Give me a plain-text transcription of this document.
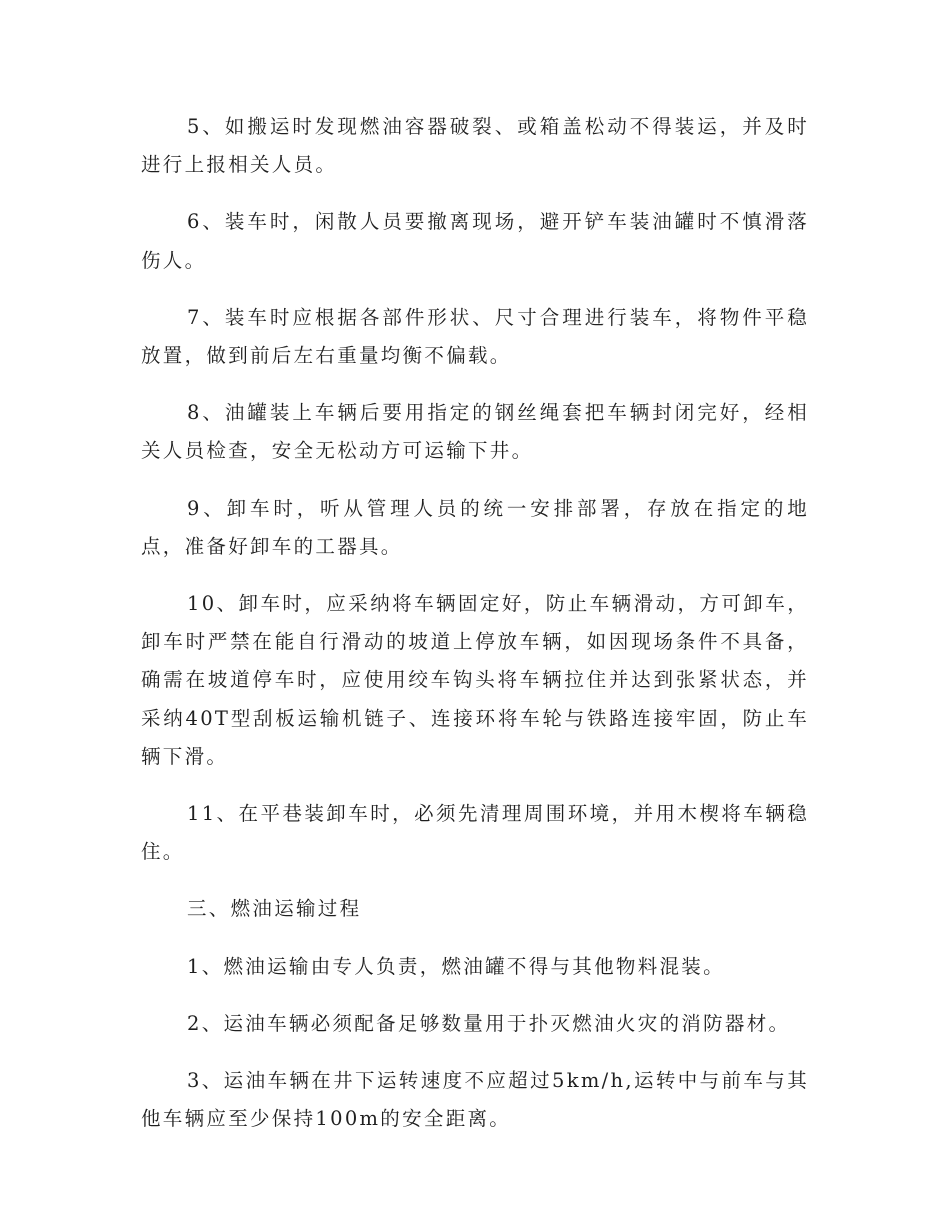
5、如搬运时发现燃油容器破裂、或箱盖松动不得装运，并及时进行上报相关人员。

6、装车时，闲散人员要撤离现场，避开铲车装油罐时不慎滑落伤人。

7、装车时应根据各部件形状、尺寸合理进行装车，将物件平稳放置，做到前后左右重量均衡不偏载。

8、油罐装上车辆后要用指定的钢丝绳套把车辆封闭完好，经相关人员检查，安全无松动方可运输下井。

9、卸车时，听从管理人员的统一安排部署，存放在指定的地点，准备好卸车的工器具。

10、卸车时，应采纳将车辆固定好，防止车辆滑动，方可卸车，卸车时严禁在能自行滑动的坡道上停放车辆，如因现场条件不具备，确需在坡道停车时，应使用绞车钩头将车辆拉住并达到张紧状态，并采纳40T型刮板运输机链子、连接环将车轮与铁路连接牢固，防止车辆下滑。

11、在平巷装卸车时，必须先清理周围环境，并用木楔将车辆稳住。

三、燃油运输过程

1、燃油运输由专人负责，燃油罐不得与其他物料混装。

2、运油车辆必须配备足够数量用于扑灭燃油火灾的消防器材。

3、运油车辆在井下运转速度不应超过5km/h,运转中与前车与其他车辆应至少保持100m的安全距离。
